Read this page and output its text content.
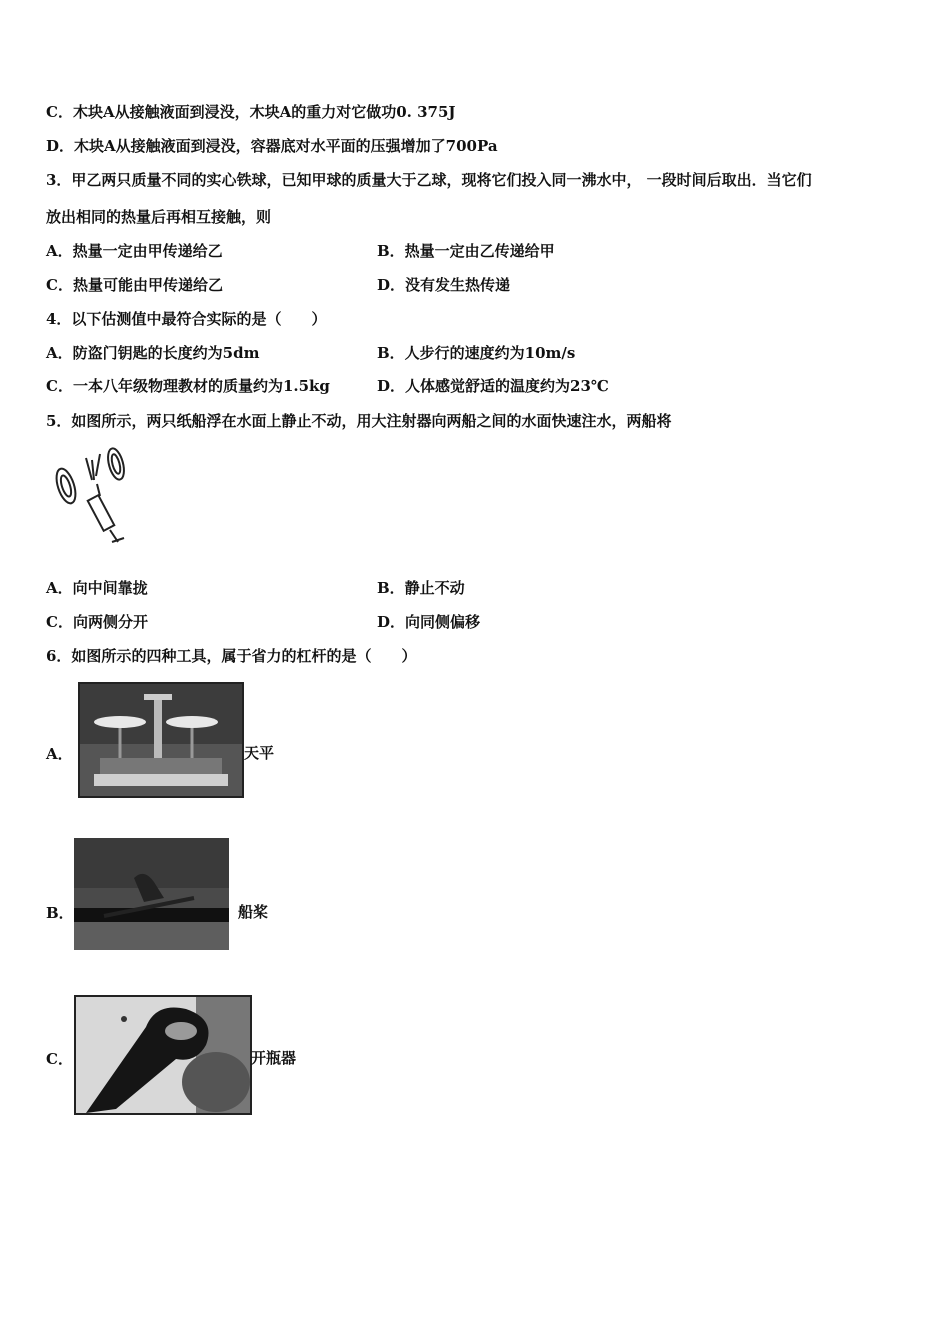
C．木块A从接触液面到浸没，木块A的重力对它做功0. 375J
D．木块A从接触液面到浸没，容器底对水平面的压强增加了700Pa
3．甲乙两只质量不同的实心铁球，已知甲球的质量大于乙球，现将它们投入同一沸水中， 一段时间后取出．当它们
放出相同的热量后再相互接触，则
A．热量一定由甲传递给乙	B．热量一定由乙传递给甲
C．热量可能由甲传递给乙	D．没有发生热传递
4．以下估测值中最符合实际的是（　　）
A．防盗门钥匙的长度约为5dm	B．人步行的速度约为10m/s
C．一本八年级物理教材的质量约为1.5kg	D．人体感觉舒适的温度约为23℃
5．如图所示，两只纸船浮在水面上静止不动，用大注射器向两船之间的水面快速注水，两船将
A．向中间靠拢	B．静止不动
C．向两侧分开	D．向同侧偏移
6．如图所示的四种工具，属于省力的杠杆的是（　　）
A．	天平
B．	船桨
C．	开瓶器
